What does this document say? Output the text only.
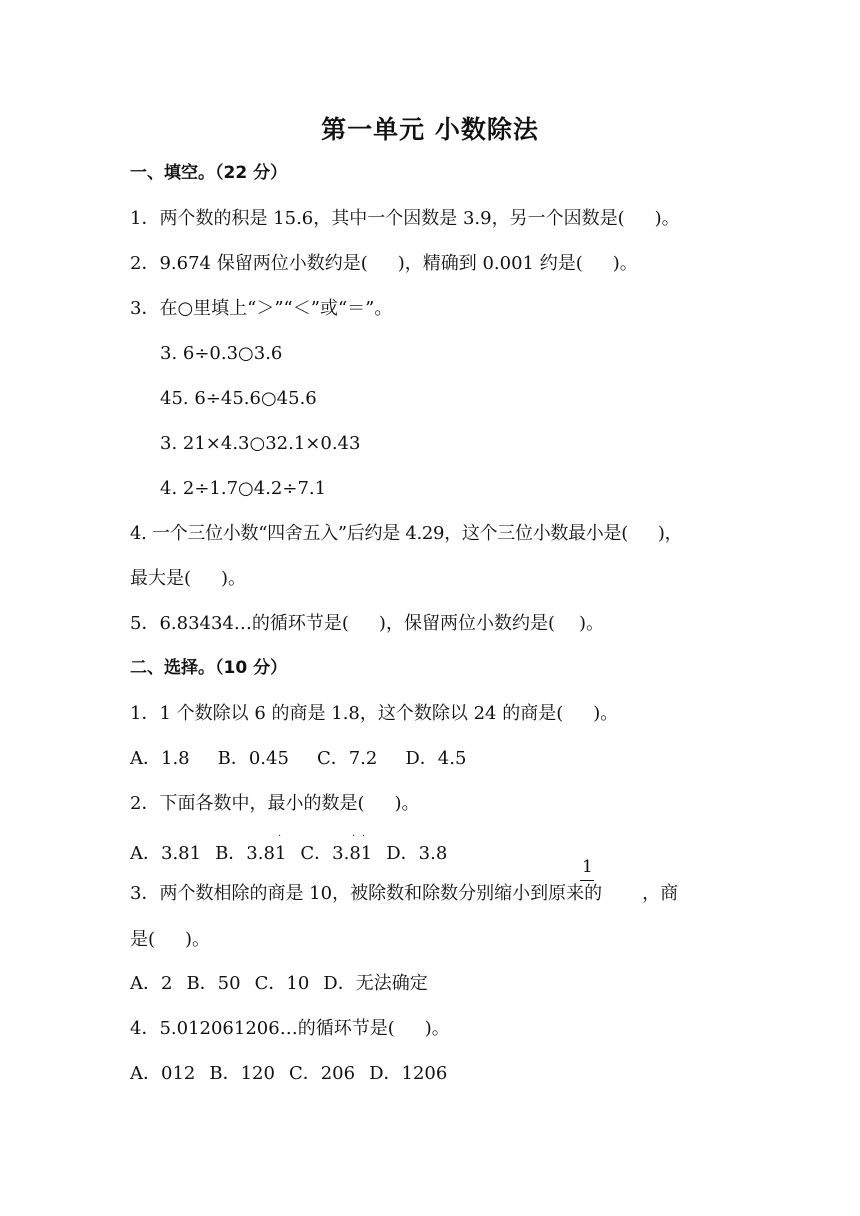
第一单元 小数除法
一、填空。（22 分）
1．两个数的积是 15.6，其中一个因数是 3.9，另一个因数是( )。
2．9.674 保留两位小数约是( )，精确到 0.001 约是( )。
3．在○里填上“＞”“＜”或“＝”。
3. 6÷0.3○3.6
45. 6÷45.6○45.6
3. 21×4.3○32.1×0.43
4. 2÷1.7○4.2÷7.1
4. 一个三位小数“四舍五入”后约是 4.29，这个三位小数最小是( )，
最大是( )。
5．6.83434…的循环节是( )，保留两位小数约是( )。
二、选择。（10 分）
1．1 个数除以 6 的商是 1.8，这个数除以 24 的商是( )。
A．1.8 B．0.45 C．7.2 D．4.5
2．下面各数中，最小的数是( )。
·	· ·
A．3.81 B．3.81 C．3.81 D．3.8
1
3．两个数相除的商是 10，被除数和除数分别缩小到原来的 ，商
是( )。
A．2 B．50 C．10 D．无法确定
4．5.012061206…的循环节是( )。
A．012 B．120 C．206 D．1206
